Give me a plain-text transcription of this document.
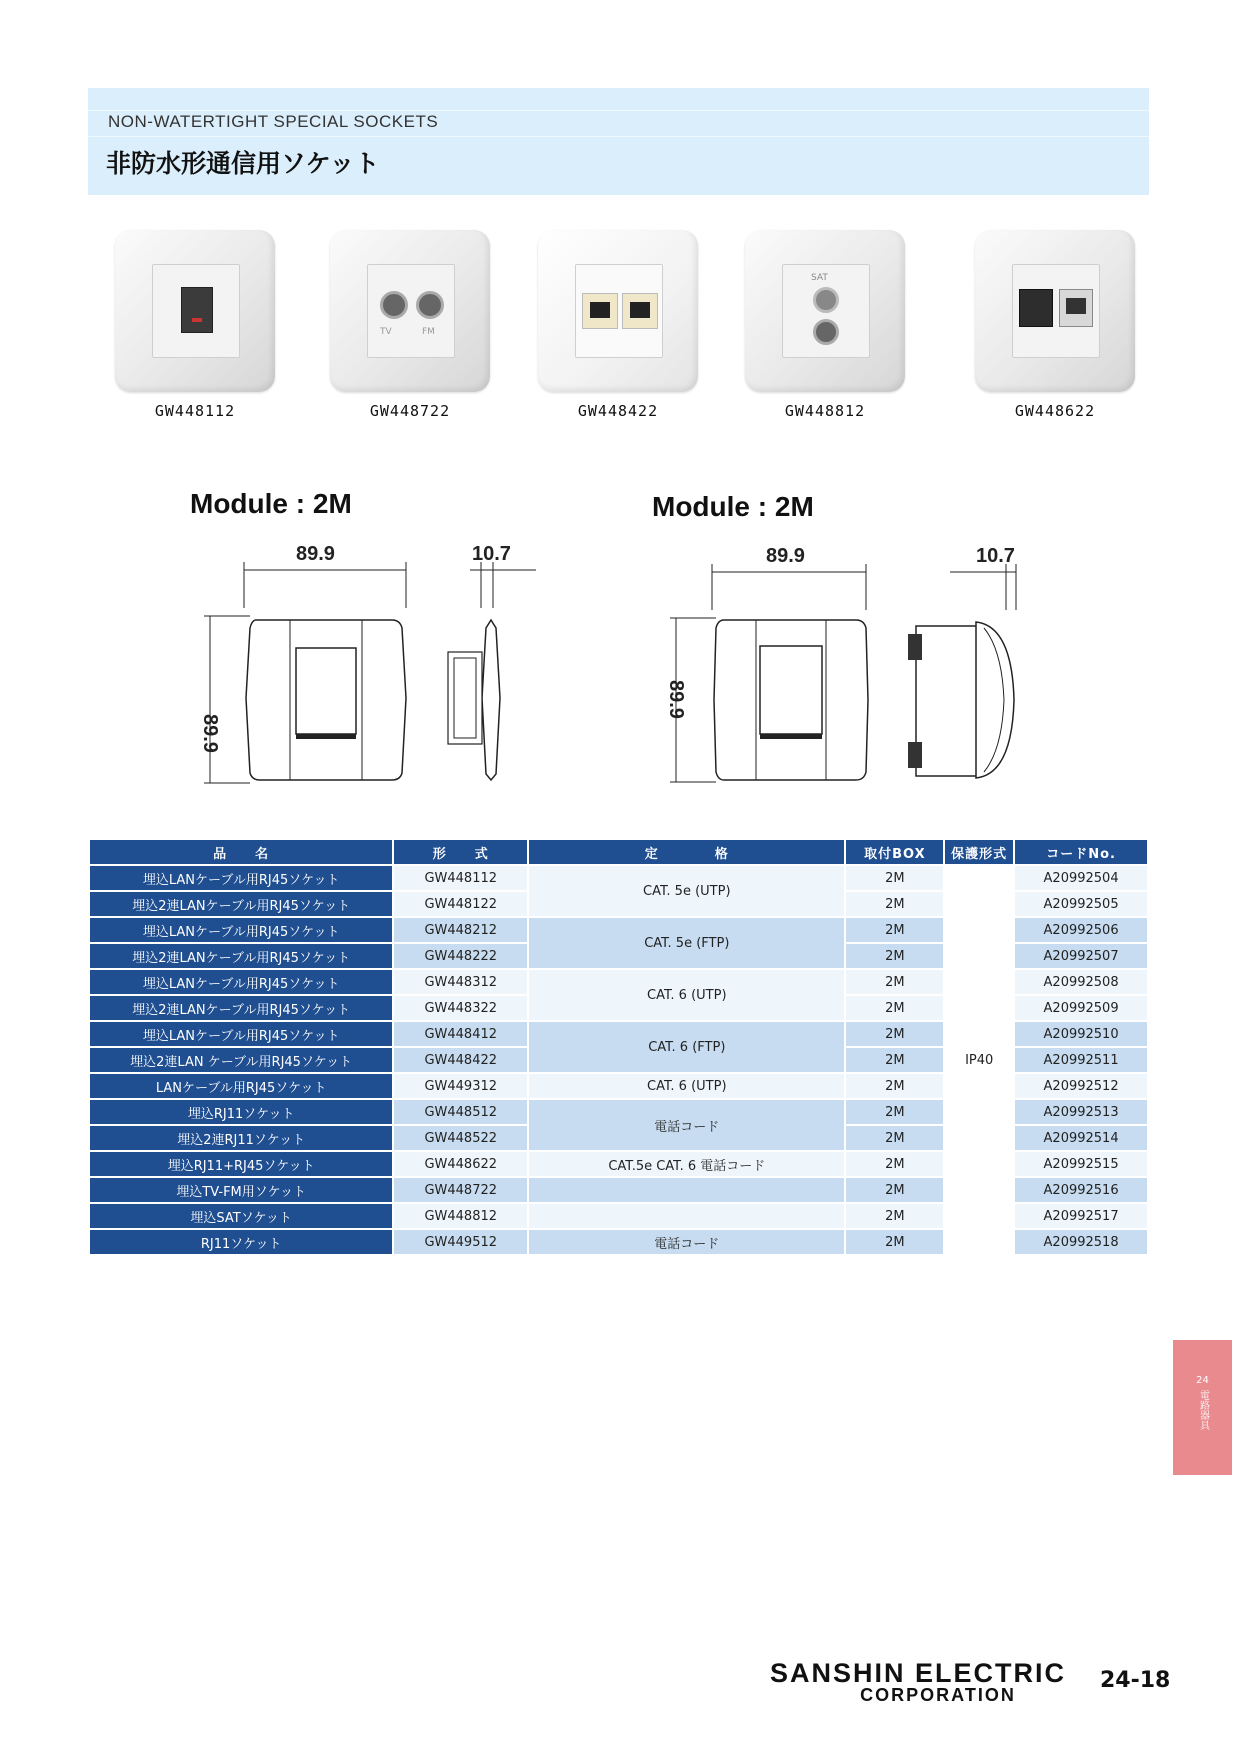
NON-WATERTIGHT SPECIAL SOCKETS
非防水形通信用ソケット
GW448112
TV	FM
GW448722	GW448422
SAT
GW448812	GW448622
Module : 2M
89.9	10.7
89.9
Module : 2M
89.9	10.7
89.9
品　　名	形　　式	定　　　　格	取付BOX	保護形式	コードNo.
埋込LANケーブル用RJ45ソケット	GW448112	CAT. 5e (UTP)	2M	IP40	A20992504
埋込2連LANケーブル用RJ45ソケット	GW448122		2M		A20992505
埋込LANケーブル用RJ45ソケット	GW448212	CAT. 5e (FTP)	2M		A20992506
埋込2連LANケーブル用RJ45ソケット	GW448222		2M		A20992507
埋込LANケーブル用RJ45ソケット	GW448312	CAT. 6 (UTP)	2M		A20992508
埋込2連LANケーブル用RJ45ソケット	GW448322		2M		A20992509
埋込LANケーブル用RJ45ソケット	GW448412	CAT. 6 (FTP)	2M		A20992510
埋込2連LAN ケーブル用RJ45ソケット	GW448422		2M		A20992511
LANケーブル用RJ45ソケット	GW449312	CAT. 6 (UTP)	2M		A20992512
埋込RJ11ソケット	GW448512	電話コード	2M		A20992513
埋込2連RJ11ソケット	GW448522		2M		A20992514
埋込RJ11+RJ45ソケット	GW448622	CAT.5e CAT. 6 電話コード	2M		A20992515
埋込TV-FM用ソケット	GW448722		2M		A20992516
埋込SATソケット	GW448812		2M		A20992517
RJ11ソケット	GW449512	電話コード	2M		A20992518
24
電路器具
SANSHIN ELECTRIC
CORPORATION
24-18
